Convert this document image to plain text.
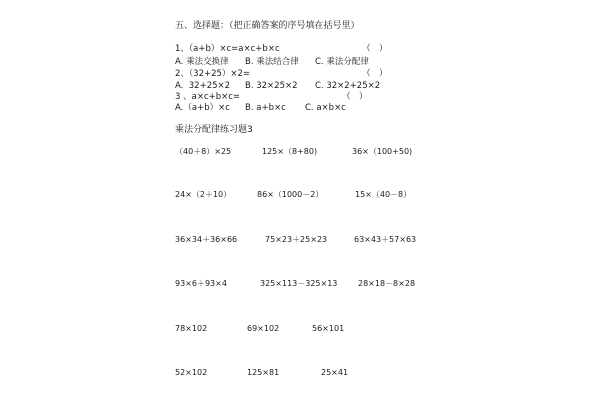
五、选择题：（把正确答案的序号填在括号里）
1、（a+b）×c=a×c+b×c	（　）
A. 乘法交换律 B. 乘法结合律 C. 乘法分配律
2、（32+25）×2=	（　）
A.  32+25×2 B. 32×25×2 C. 32×2+25×2
3 、a×c+b×c=	（　）
A.（a+b）×c B. a+b×c C. a×b×c
乘法分配律练习题3
（40＋8）×25	125×（8+80)	36×（100+50)
24×（2＋10）	86×（1000－2）	15×（40－8）
36×34＋36×66	75×23＋25×23	63×43＋57×63
93×6＋93×4	325×113－325×13	28×18－8×28
78×102	69×102	56×101
52×102	125×81	25×41
